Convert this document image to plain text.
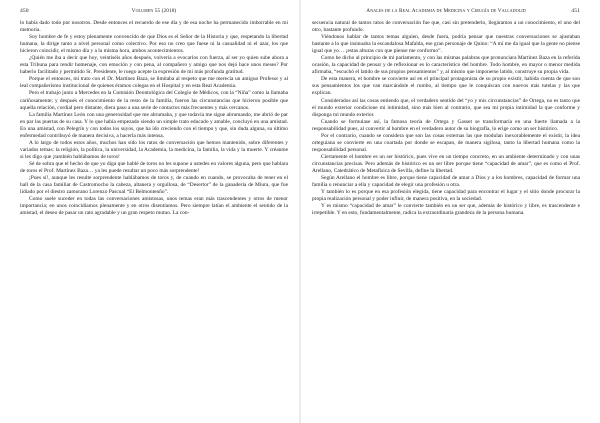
450	Volumen 55 (2018)

lo había dado todo por nosotros. Desde entonces el recuerdo de ese día y de esa noche ha permanecido imborrable en mi memoria.

Soy hombre de fe y estoy plenamente convencido de que Dios es el Señor de la Historia y que, respetando la libertad humana, la dirige tanto a nivel personal como colectivo. Por eso no creo que fuese ni la casualidad ni el azar, los que hicieron coincidir, el mismo día y a la misma hora, ambos acontecimientos.

¿Quién me iba a decir que hoy, veintiséis años después, volvería a evocarlos con fuerza, al ser yo quien sube ahora a esta Tribuna para rendir homenaje, con emoción y con pena, al compañero y amigo que nos dejó hace unos meses? Por haberlo facilitado y permitido Sr. Presidente, le ruego acepte la expresión de mi más profunda gratitud.

Porque el entonces, mi trato con el Dr. Martínez Baza, se limitaba al respeto que me merecía un antiguo Profesor y al leal compañerismo institucional de quienes éramos colegas en el Hospital y en esta Real Academia.

Pero el trabajo junto a Mercedes en la Comisión Deontológica del Colegio de Médicos, con la “Niña” como la llamaba cariñosamente; y después el conocimiento de la resto de la familia, fueron las circunstancias que hicieron posible que aquella relación, cordial pero distante, diera paso a una serie de contactos más frecuentes y más cercanos.

La familia Martínez León con una generosidad que me abrumaba, y que todavía me sigue abrumando, me abrió de par en par las puertas de su casa. Y lo que había empezado siendo un simple trato educado y amable, concluyó en una amistad. En una amistad, con Pelegrín y con todos los suyos, que ha ido creciendo con el tiempo y que, sin duda alguna, su último enfermedad contribuyó de manera decisiva, a hacerla más intensa.

A lo largo de todos estos años, muchos han sido los ratos de conversación que hemos mantenido, sobre diferentes y variados temas: la religión, la política, la universidad, la Academia, la medicina, la familia, la vida y la muerte. Y créanme si les digo que ¡también hablábamos de toros!

Sé de sobra que el hecho de que yo diga que hablé de toros no les supone a ustedes en valores alguna, pero que hablara de toros el Prof. Martínez Baza… ya les puede resultar un poco más sorprendente!

¡Pues sí!, aunque les resulte sorprendente hablábamos de toros y, de cuando en cuando, se provocaba de tener en el hall de la casa familiar de Castromocho la cabeza, altanera y orgullosa, de “Desertor” de la ganadería de Miura, que fue lidiado por el diestro zamorano Lorenzo Pascual “El Belmontenño”.

Como suele suceder en todas las conversaciones amistosas, unos temas eran más trascendentes y otros de menor importancia; en unos coincidíamos plenamente y en otros disentíamos. Pero siempre latían el ambiente el sentido de la amistad, el deseo de pasar un rato agradable y un gran respeto mutuo. La con-

Anales de la Real Academia de Medicina y Cirugía de Valladolid	451

secuencia natural de tantos ratos de conversación fue que, casi sin pretenderlo, llegáramos a un conocimiento, el uno del otro, bastante profundo.

Viéndonos hablar de tantos temas alguien, desde fuera, podría pensar que nuestras conversaciones se ajustaban bastante a lo que insinuaba la escandalosa Mafalda, ese gran personaje de Quino: “A mí me da igual que la gente no piense igual que yo… ¡estas alturas con que piense me conformo”.

Como he dicho al principio de mi parlamento, y con las mismas palabras que pronunciara Martínez Baza en la referida ocasión, la capacidad de pensar y de reflexionar es lo característico del hombre. Todo hombre, en mayor o menor medida afirmaba, “escuchó el latido de sus propios pensamientos” y, al mismo que imponerse latido, construye su propia vida.

De esta manera, el hombre se convierte así en el principal protagonista de su propio existir, habida cuenta de que son sus pensamientos los que van marcándole el rumbo, al tiempo que le conquiscan con nuevos más tutelas y las que explican.

Considerados así las cosas entiendo que, el verdadero sentido del “yo y mis circunstancias” de Ortega, no es tanto que el mundo exterior condicione mi intimidad, sino más bien al contrario, que sea mi propia intimidad la que conforme y disponga mi mundo exterior.

Cuando se formulase así, la famosa teoría de Ortega y Gasset se transformaría en una fuerte llamada a la responsabilidad pues, al convertir al hombre en el verdadero autor de su biografía, lo erige como un ser histórico.

Por el contrario, cuando se considera que son las cosas externas las que modulan inexorablemente el existir, la idea orteguiana se convierte en una coartada por donde se escapan, de manera sigilosa, tanto la libertad humana como la responsabilidad personal.

Ciertamente el hombre es un ser histórico, pues vive en un tiempo concreto, en un ambiente determinado y con unas circunstancias precisas. Pero además de histórico es un ser libre porque tiene “capacidad de amar”, que es como el Prof. Arellano, Catedrático de Metafísica de Sevilla, define la libertad.

Según Arellano el hombre es libre, porque tiene capacidad de amar a Dios y a los hombres, capacidad de formar una familia o renunciar a ella y capacidad de elegir una profesión u otra.

Y también lo es porque en esa profesión elegida, tiene capacidad para encontrar el lugar y el sitio donde procurar la propia realización personal y poder influir, de manera positiva, en la sociedad.

Y es mismo “capacidad de amar” le convierte también en un ser que, además de histórico y libre, es trascendente e irrepetible. Y en esto, fundamentalmente, radica la extraordinaria grandeza de la persona humana.
